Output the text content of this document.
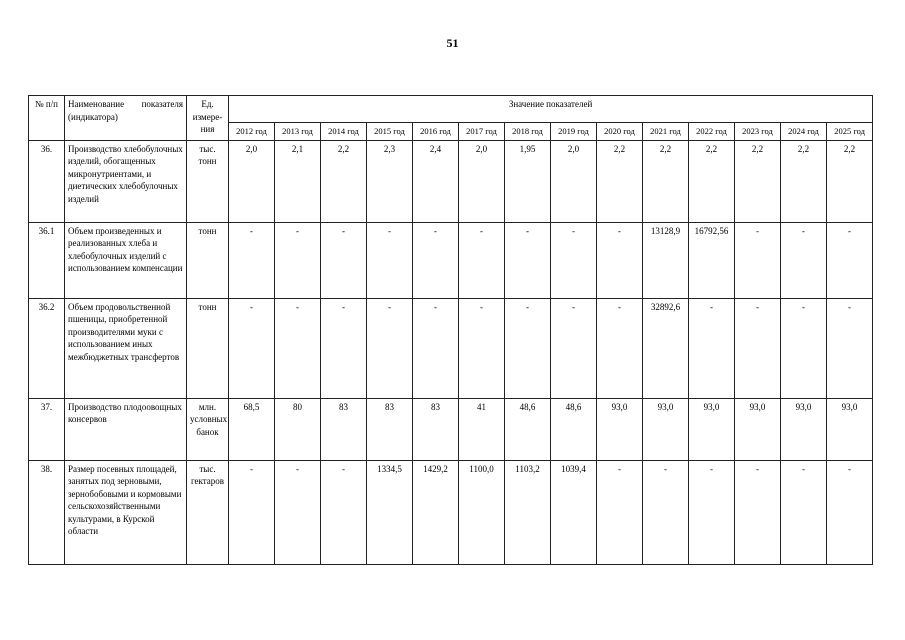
51
№ п/п	Наименование показателя
(индикатора)	Ед. измере-ния	Значение показателей													
			2012 год	2013 год	2014 год	2015 год	2016 год	2017 год	2018 год	2019 год	2020 год	2021 год	2022 год	2023 год	2024 год	2025 год
36.	Производство хлебобулочных изделий, обогащенных микронутриентами, и диетических хлебобулочных изделий	тыс. тонн	2,0	2,1	2,2	2,3	2,4	2,0	1,95	2,0	2,2	2,2	2,2	2,2	2,2	2,2
36.1	Объем произведенных и реализованных хлеба и хлебобулочных изделий с использованием компенсации	тонн	-	-	-	-	-	-	-	-	-	13128,9	16792,56	-	-	-
36.2	Объем продовольственной пшеницы, приобретенной производителями муки с использованием иных межбюджетных трансфертов	тонн	-	-	-	-	-	-	-	-	-	32892,6	-	-	-	-
37.	Производство плодоовощных консервов	млн. условных банок	68,5	80	83	83	83	41	48,6	48,6	93,0	93,0	93,0	93,0	93,0	93,0
38.	Размер посевных площадей, занятых под зерновыми, зернобобовыми и кормовыми сельскохозяйственными культурами, в Курской области	тыс. гектаров	-	-	-	1334,5	1429,2	1100,0	1103,2	1039,4	-	-	-	-	-	-
